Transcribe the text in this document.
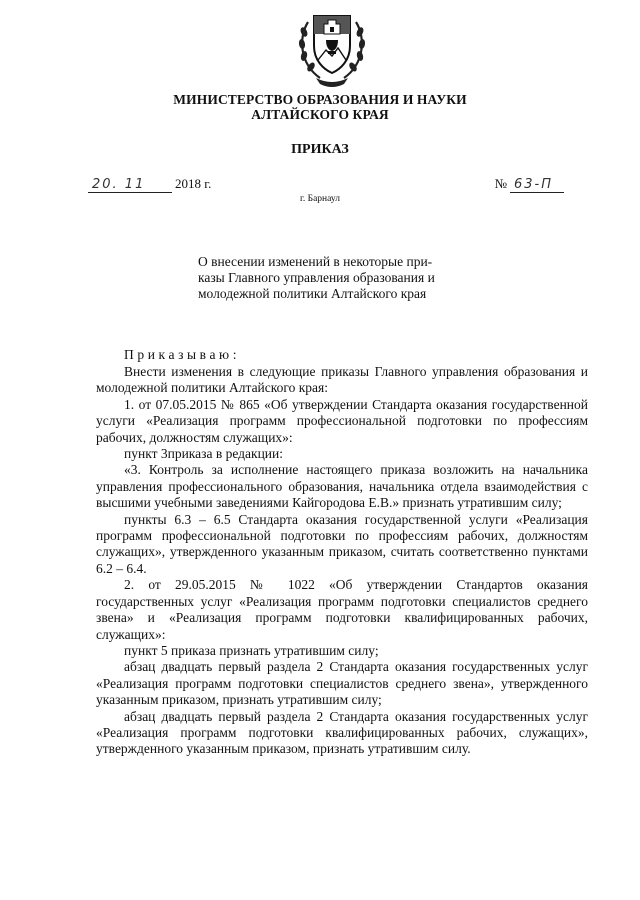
МИНИСТЕРСТВО ОБРАЗОВАНИЯ И НАУКИ
АЛТАЙСКОГО КРАЯ
ПРИКАЗ
20. 11 2018 г.	№ 63-П
г. Барнаул
О внесении изменений в некоторые при-
казы Главного управления образования и
молодежной политики Алтайского края
Приказываю:

Внести изменения в следующие приказы Главного управления образования и молодежной политики Алтайского края:

1. от 07.05.2015 № 865 «Об утверждении Стандарта оказания государственной услуги «Реализация программ профессиональной подготовки по профессиям рабочих, должностям служащих»:

пункт 3приказа в редакции:

«3. Контроль за исполнение настоящего приказа возложить на начальника управления профессионального образования, начальника отдела взаимодействия с высшими учебными заведениями Кайгородова Е.В.» признать утратившим силу;

пункты 6.3 – 6.5 Стандарта оказания государственной услуги «Реализация программ профессиональной подготовки по профессиям рабочих, должностям служащих», утвержденного указанным приказом, считать соответственно пунктами 6.2 – 6.4.

2. от 29.05.2015 № 1022 «Об утверждении Стандартов оказания государственных услуг «Реализация программ подготовки специалистов среднего звена» и «Реализация программ подготовки квалифицированных рабочих, служащих»:

пункт 5 приказа признать утратившим силу;

абзац двадцать первый раздела 2 Стандарта оказания государственных услуг «Реализация программ подготовки специалистов среднего звена», утвержденного указанным приказом, признать утратившим силу;

абзац двадцать первый раздела 2 Стандарта оказания государственных услуг «Реализация программ подготовки квалифицированных рабочих, служащих», утвержденного указанным приказом, признать утратившим силу.
